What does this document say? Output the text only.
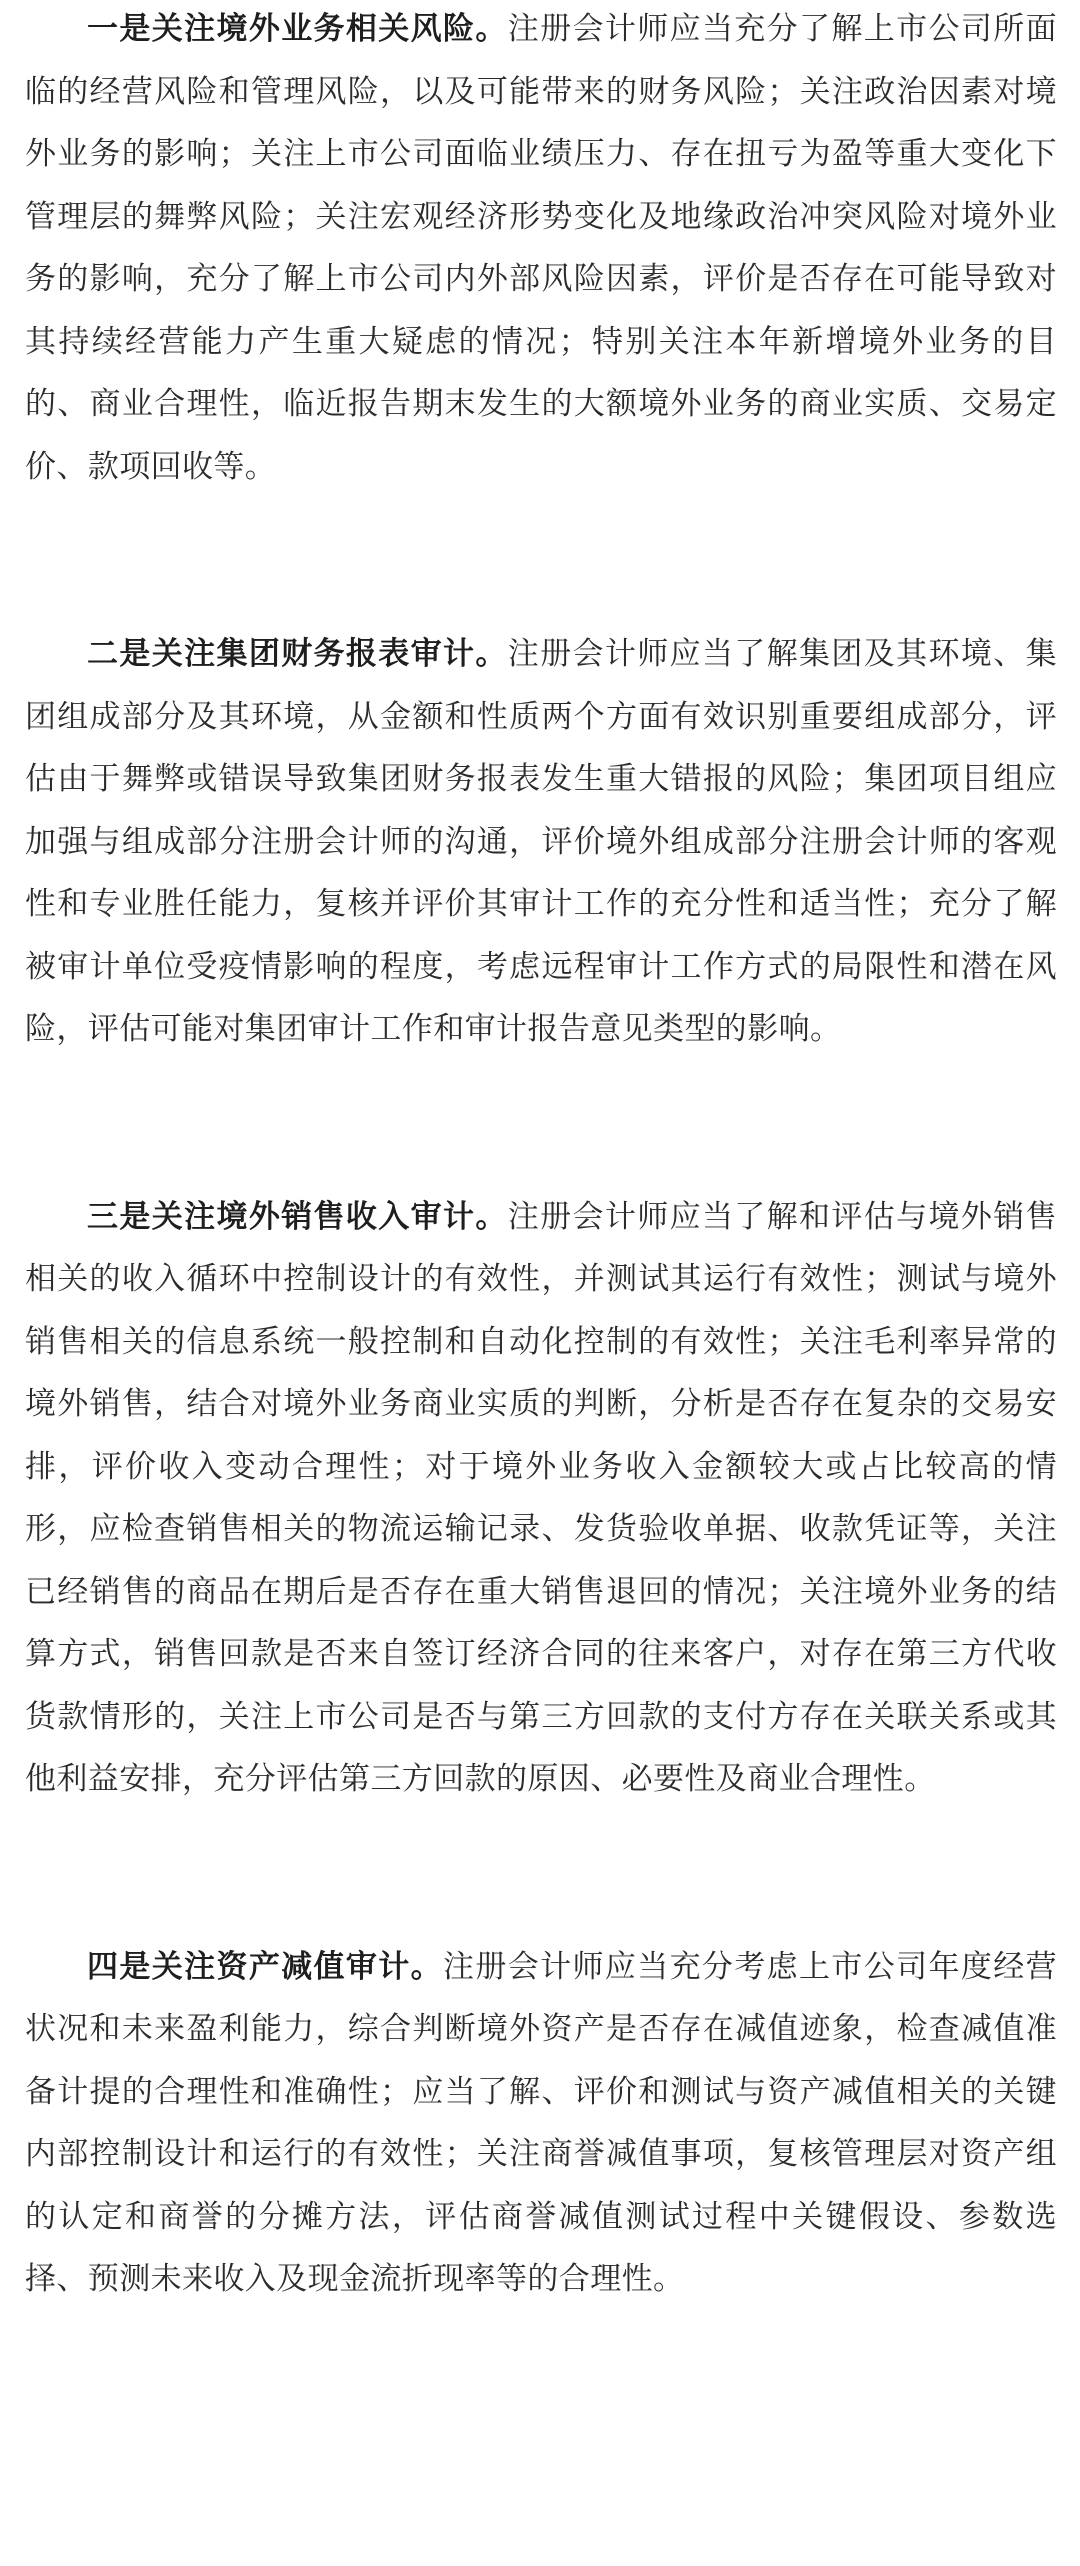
一是关注境外业务相关风险。注册会计师应当充分了解上市公司所面临的经营风险和管理风险，以及可能带来的财务风险；关注政治因素对境外业务的影响；关注上市公司面临业绩压力、存在扭亏为盈等重大变化下管理层的舞弊风险；关注宏观经济形势变化及地缘政治冲突风险对境外业务的影响，充分了解上市公司内外部风险因素，评价是否存在可能导致对其持续经营能力产生重大疑虑的情况；特别关注本年新增境外业务的目的、商业合理性，临近报告期末发生的大额境外业务的商业实质、交易定价、款项回收等。

二是关注集团财务报表审计。注册会计师应当了解集团及其环境、集团组成部分及其环境，从金额和性质两个方面有效识别重要组成部分，评估由于舞弊或错误导致集团财务报表发生重大错报的风险；集团项目组应加强与组成部分注册会计师的沟通，评价境外组成部分注册会计师的客观性和专业胜任能力，复核并评价其审计工作的充分性和适当性；充分了解被审计单位受疫情影响的程度，考虑远程审计工作方式的局限性和潜在风险，评估可能对集团审计工作和审计报告意见类型的影响。

三是关注境外销售收入审计。注册会计师应当了解和评估与境外销售相关的收入循环中控制设计的有效性，并测试其运行有效性；测试与境外销售相关的信息系统一般控制和自动化控制的有效性；关注毛利率异常的境外销售，结合对境外业务商业实质的判断，分析是否存在复杂的交易安排，评价收入变动合理性；对于境外业务收入金额较大或占比较高的情形，应检查销售相关的物流运输记录、发货验收单据、收款凭证等，关注已经销售的商品在期后是否存在重大销售退回的情况；关注境外业务的结算方式，销售回款是否来自签订经济合同的往来客户，对存在第三方代收货款情形的，关注上市公司是否与第三方回款的支付方存在关联关系或其他利益安排，充分评估第三方回款的原因、必要性及商业合理性。

四是关注资产减值审计。注册会计师应当充分考虑上市公司年度经营状况和未来盈利能力，综合判断境外资产是否存在减值迹象，检查减值准备计提的合理性和准确性；应当了解、评价和测试与资产减值相关的关键内部控制设计和运行的有效性；关注商誉减值事项，复核管理层对资产组的认定和商誉的分摊方法，评估商誉减值测试过程中关键假设、参数选择、预测未来收入及现金流折现率等的合理性。
